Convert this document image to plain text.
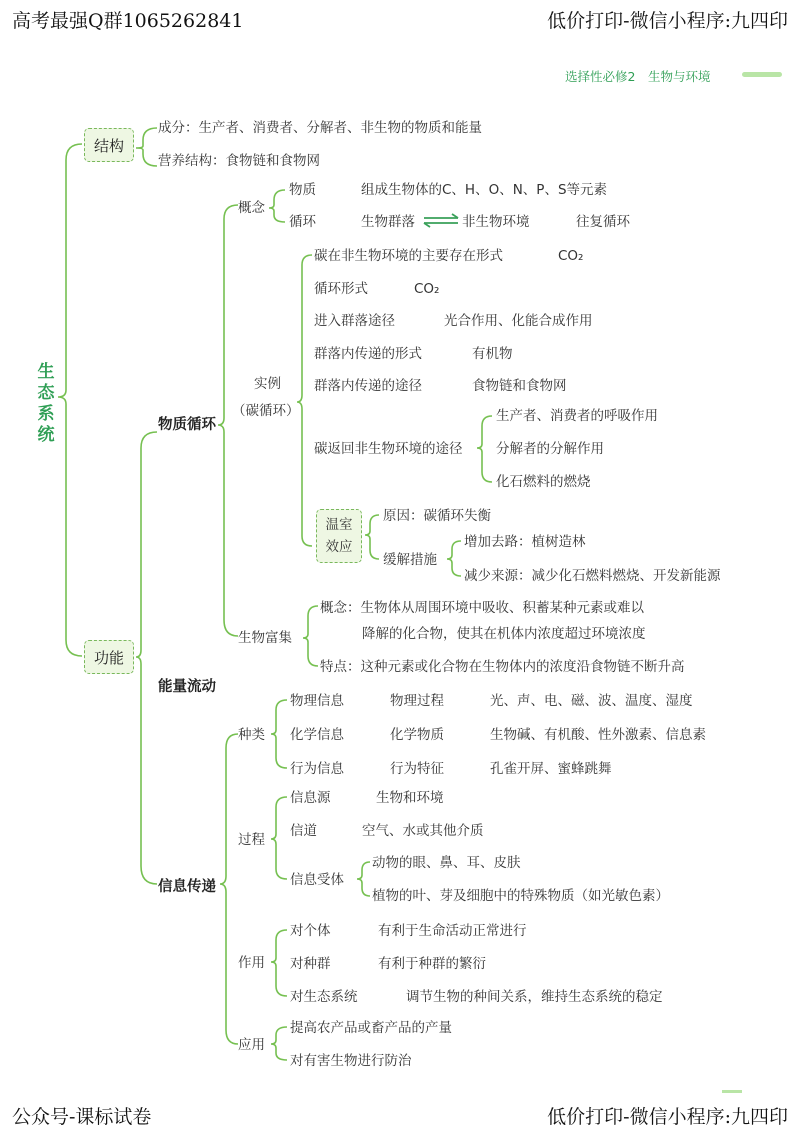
高考最强Q群1065262841	低价打印-微信小程序:九四印
选择性必修2　生物与环境
生态系统
结构
成分：生产者、消费者、分解者、非生物的物质和能量
营养结构：食物链和食物网
功能
物质循环
概念
物质	组成生物体的C、H、O、N、P、S等元素
循环	生物群落	非生物环境	往复循环
实例
（碳循环）
碳在非生物环境的主要存在形式	CO₂
循环形式	CO₂
进入群落途径	光合作用、化能合成作用
群落内传递的形式	有机物
群落内传递的途径	食物链和食物网
碳返回非生物环境的途径
生产者、消费者的呼吸作用
分解者的分解作用
化石燃料的燃烧
温室
效应
原因：碳循环失衡
缓解措施
增加去路：植树造林
减少来源：减少化石燃料燃烧、开发新能源
生物富集
概念：生物体从周围环境中吸收、积蓄某种元素或难以
降解的化合物，使其在机体内浓度超过环境浓度
特点：这种元素或化合物在生物体内的浓度沿食物链不断升高
能量流动
信息传递
种类
物理信息	物理过程	光、声、电、磁、波、温度、湿度
化学信息	化学物质	生物碱、有机酸、性外激素、信息素
行为信息	行为特征	孔雀开屏、蜜蜂跳舞
过程
信息源	生物和环境
信道	空气、水或其他介质
信息受体
动物的眼、鼻、耳、皮肤
植物的叶、芽及细胞中的特殊物质（如光敏色素）
作用
对个体	有利于生命活动正常进行
对种群	有利于种群的繁衍
对生态系统	调节生物的种间关系，维持生态系统的稳定
应用
提高农产品或畜产品的产量
对有害生物进行防治
公众号-课标试卷	低价打印-微信小程序:九四印
